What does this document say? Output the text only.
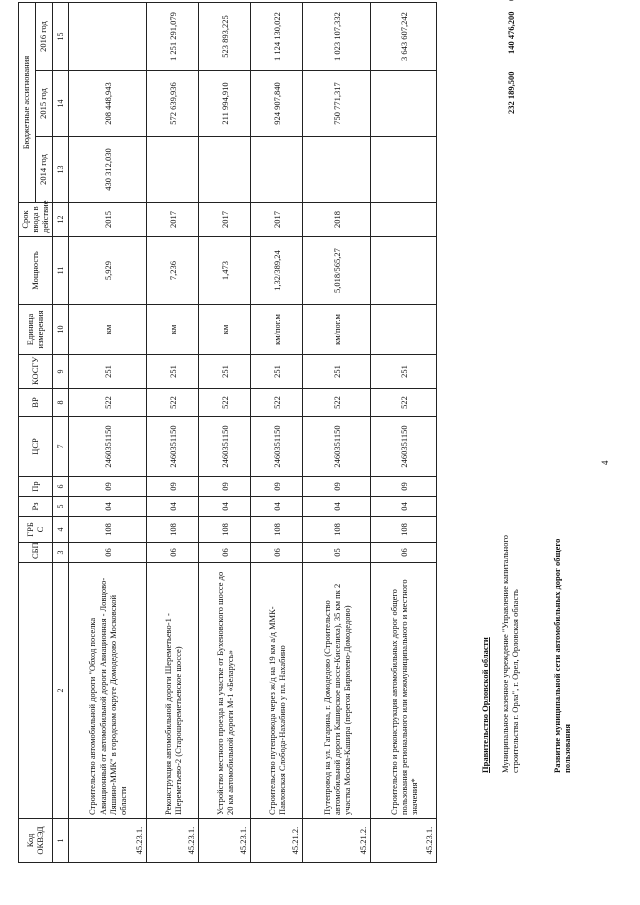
Код ОКВЭД		СБП	ГРБ С	Рз	Пр	ЦСР	ВР	КОСГУ	Единица измерения	Мощность	Срок ввода в действие	Бюджетные ассигнования		
												2014 год	2015 год	2016 год
1	2	3	4	5	6	7	8	9	10	11	12	13	14	15
45.23.1.	Строительство автомобильной дороги "Обход поселка Авиационный от автомобильной дороги Авиационная - Ловцово-Ляшино-ММК" в городском округе Домодедово Московской области	06	108	04	09	2460351150	522	251	км	5,929	2015	430 312,030	208 448,943	
45.23.1.	Реконструкция автомобильной дороги Шереметьево-1 - Шереметьево-2 (Старошереметьевское шоссе)	06	108	04	09	2460351150	522	251	км	7,236	2017		572 639,936	1 251 291,079
45.23.1.	Устройство местного проезда на участке от Бухеновского шоссе до 20 км автомобильной дороги М-1 «Беларусь»	06	108	04	09	2460351150	522	251	км	1,473	2017		211 994,910	523 893,225
45.21.2.	Строительство путепровода через ж/д на 19 км а/д ММК-Павловская Слобода-Нахабино у пл. Нахабино	06	108	04	09	2460351150	522	251	км/пог.м	1,32/389,24	2017		924 907,840	1 124 130,022
45.21.2.	Путепровод на ул. Гагарина, г. Домодедово (Строительство автомобильной дороги Каширское шоссе-Киселиха), 35 км пк 2 участка Москва-Кашира (перегон Бирюлево-Домодедово)	05	108	04	09	2460351150	522	251	км/пог.м	5,018/565,27	2018		750 771,317	1 023 107,332
45.23.1.	Строительство и реконструкция автомобильных дорог общего пользования регионального или межмуниципального и местного значения*	06	108	04	09	2460351150	522	251						3 643 607,242
Правительство Орловской области Муниципальное казенное учреждение "Управление капитального строительства г. Орла", г. Орел, Орловская область
232 189,500
140 476,200
Развитие муниципальной сети автомобильных дорог общего пользования
4
